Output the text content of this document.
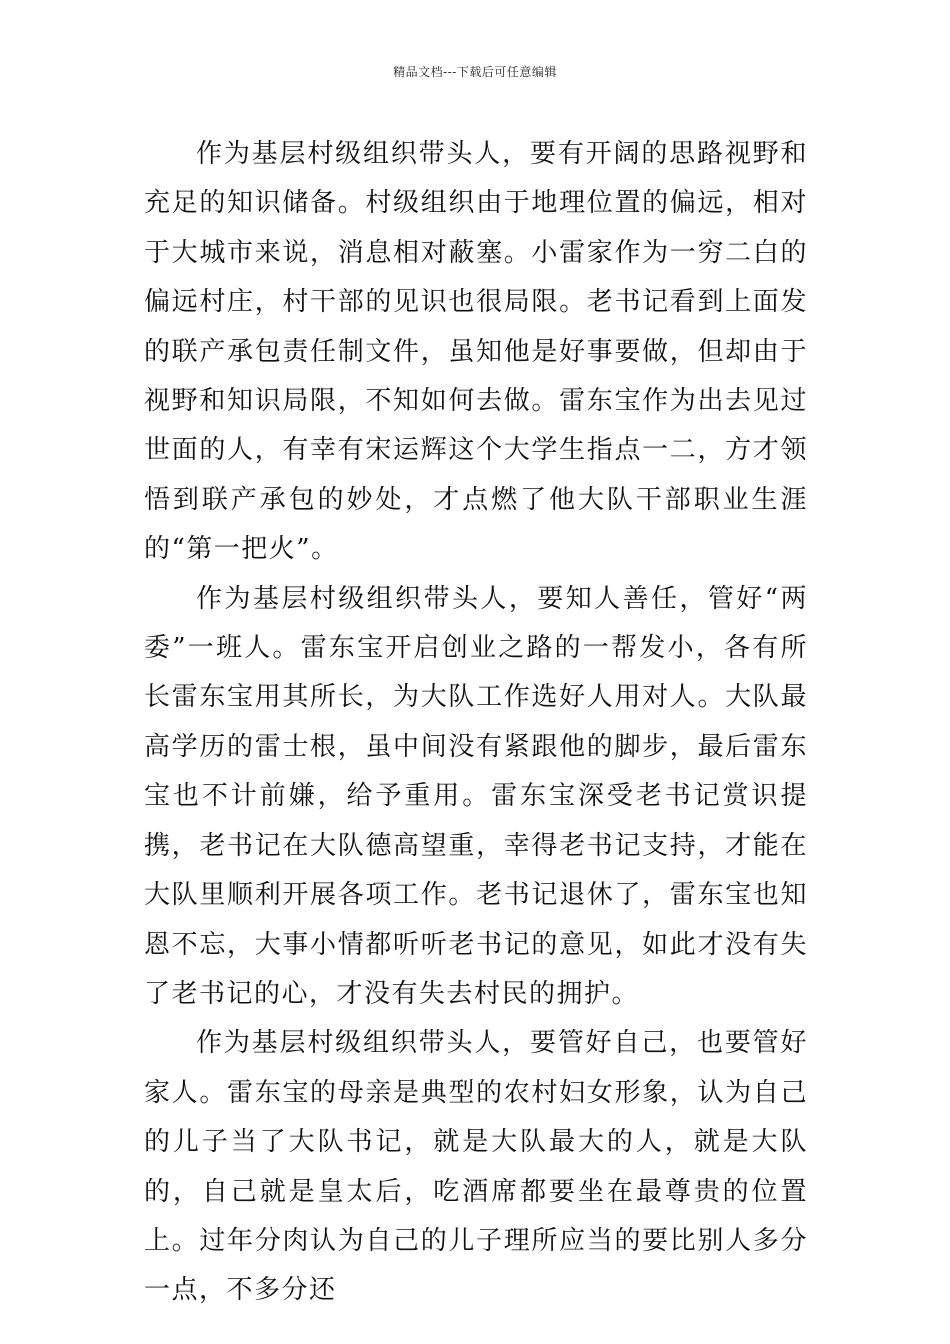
精品文档---下载后可任意编辑

作为基层村级组织带头人，要有开阔的思路视野和充足的知识储备。村级组织由于地理位置的偏远，相对于大城市来说，消息相对蔽塞。小雷家作为一穷二白的偏远村庄，村干部的见识也很局限。老书记看到上面发的联产承包责任制文件，虽知他是好事要做，但却由于视野和知识局限，不知如何去做。雷东宝作为出去见过世面的人，有幸有宋运辉这个大学生指点一二，方才领悟到联产承包的妙处，才点燃了他大队干部职业生涯的“第一把火”。

作为基层村级组织带头人，要知人善任，管好“两委”一班人。雷东宝开启创业之路的一帮发小，各有所长雷东宝用其所长，为大队工作选好人用对人。大队最高学历的雷士根，虽中间没有紧跟他的脚步，最后雷东宝也不计前嫌，给予重用。雷东宝深受老书记赏识提携，老书记在大队德高望重，幸得老书记支持，才能在大队里顺利开展各项工作。老书记退休了，雷东宝也知恩不忘，大事小情都听听老书记的意见，如此才没有失了老书记的心，才没有失去村民的拥护。

作为基层村级组织带头人，要管好自己，也要管好家人。雷东宝的母亲是典型的农村妇女形象，认为自己的儿子当了大队书记，就是大队最大的人，就是大队的，自己就是皇太后，吃酒席都要坐在最尊贵的位置上。过年分肉认为自己的儿子理所应当的要比别人多分一点，不多分还
